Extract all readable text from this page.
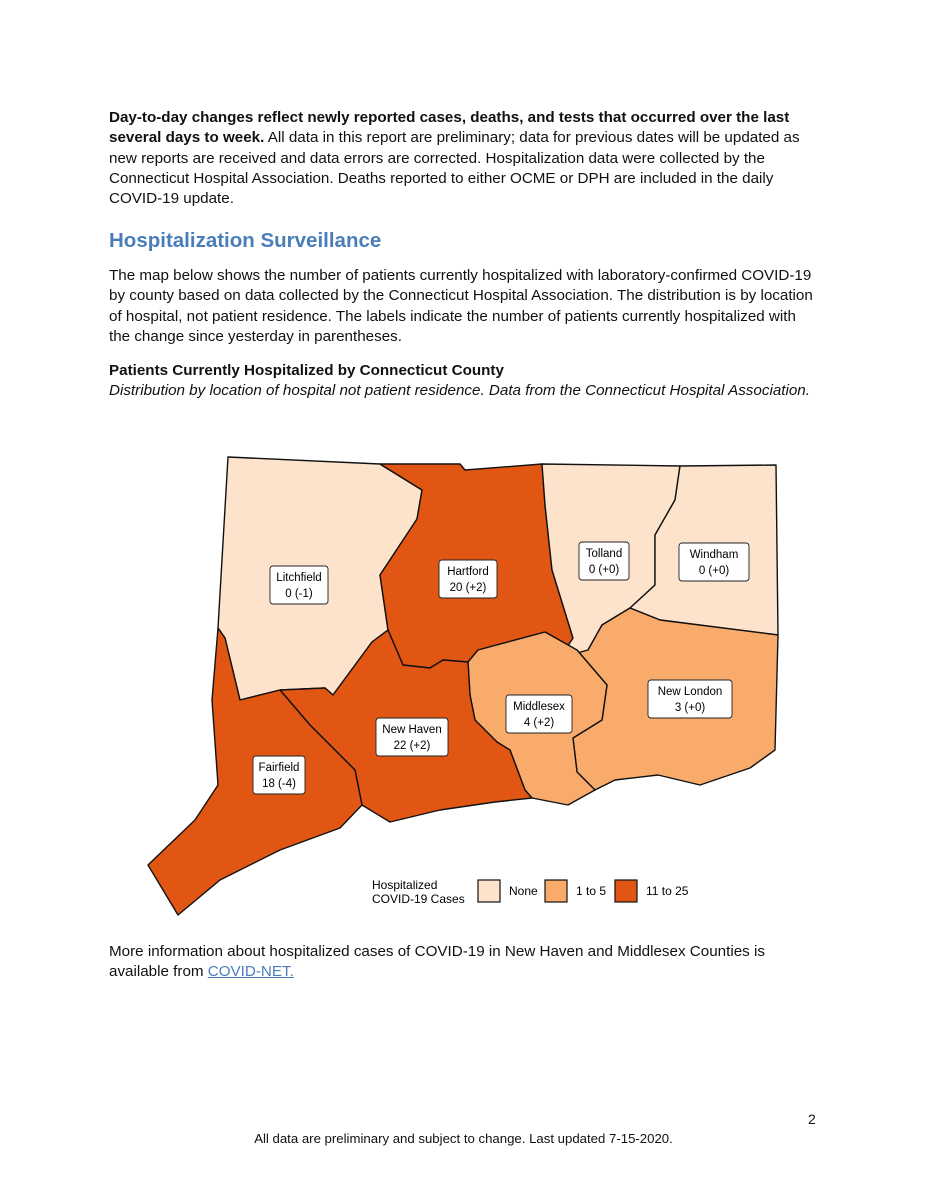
Day-to-day changes reflect newly reported cases, deaths, and tests that occurred over the last several days to week. All data in this report are preliminary; data for previous dates will be updated as new reports are received and data errors are corrected. Hospitalization data were collected by the Connecticut Hospital Association. Deaths reported to either OCME or DPH are included in the daily COVID-19 update.
Hospitalization Surveillance
The map below shows the number of patients currently hospitalized with laboratory-confirmed COVID-19 by county based on data collected by the Connecticut Hospital Association. The distribution is by location of hospital, not patient residence. The labels indicate the number of patients currently hospitalized with the change since yesterday in parentheses.
Patients Currently Hospitalized by Connecticut County
Distribution by location of hospital not patient residence. Data from the Connecticut Hospital Association.
Litchfield
0 (-1)
Hartford
20 (+2)
Tolland
0 (+0)
Windham
0 (+0)
New London
3 (+0)
Middlesex
4 (+2)
New Haven
22 (+2)
Fairfield
18 (-4)
Hospitalized
COVID-19 Cases
None	1 to 5	11 to 25
More information about hospitalized cases of COVID-19 in New Haven and Middlesex Counties is available from COVID-NET.
2
All data are preliminary and subject to change. Last updated 7-15-2020.
